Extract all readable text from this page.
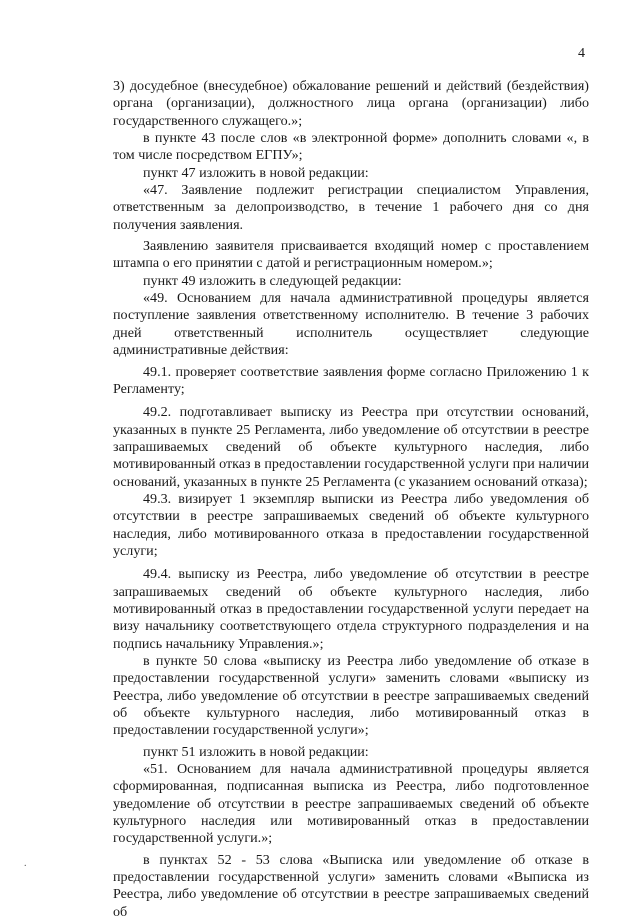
4

3) досудебное (внесудебное) обжалование решений и действий (бездействия) органа (организации), должностного лица органа (организации) либо государственного служащего.»;

в пункте 43 после слов «в электронной форме» дополнить словами «, в том числе посредством ЕГПУ»;

пункт 47 изложить в новой редакции:

«47. Заявление подлежит регистрации специалистом Управления, ответственным за делопроизводство, в течение 1 рабочего дня со дня получения заявления.

Заявлению заявителя присваивается входящий номер с проставлением штампа о его принятии с датой и регистрационным номером.»;

пункт 49 изложить в следующей редакции:

«49. Основанием для начала административной процедуры является поступление заявления ответственному исполнителю. В течение 3 рабочих дней ответственный исполнитель осуществляет следующие административные действия:

49.1. проверяет соответствие заявления форме согласно Приложению 1 к Регламенту;

49.2. подготавливает выписку из Реестра при отсутствии оснований, указанных в пункте 25 Регламента, либо уведомление об отсутствии в реестре запрашиваемых сведений об объекте культурного наследия, либо мотивированный отказ в предоставлении государственной услуги при наличии оснований, указанных в пункте 25 Регламента (с указанием оснований отказа);

49.3. визирует 1 экземпляр выписки из Реестра либо уведомления об отсутствии в реестре запрашиваемых сведений об объекте культурного наследия, либо мотивированного отказа в предоставлении государственной услуги;

49.4. выписку из Реестра, либо уведомление об отсутствии в реестре запрашиваемых сведений об объекте культурного наследия, либо мотивированный отказ в предоставлении государственной услуги передает на визу начальнику соответствующего отдела структурного подразделения и на подпись начальнику Управления.»;

в пункте 50 слова «выписку из Реестра либо уведомление об отказе в предоставлении государственной услуги» заменить словами «выписку из Реестра, либо уведомление об отсутствии в реестре запрашиваемых сведений об объекте культурного наследия, либо мотивированный отказ в предоставлении государственной услуги»;

пункт 51 изложить в новой редакции:

«51. Основанием для начала административной процедуры является сформированная, подписанная выписка из Реестра, либо подготовленное уведомление об отсутствии в реестре запрашиваемых сведений об объекте культурного наследия или мотивированный отказ в предоставлении государственной услуги.»;

в пунктах 52 - 53 слова «Выписка или уведомление об отказе в предоставлении государственной услуги» заменить словами «Выписка из Реестра, либо уведомление об отсутствии в реестре запрашиваемых сведений об

.
